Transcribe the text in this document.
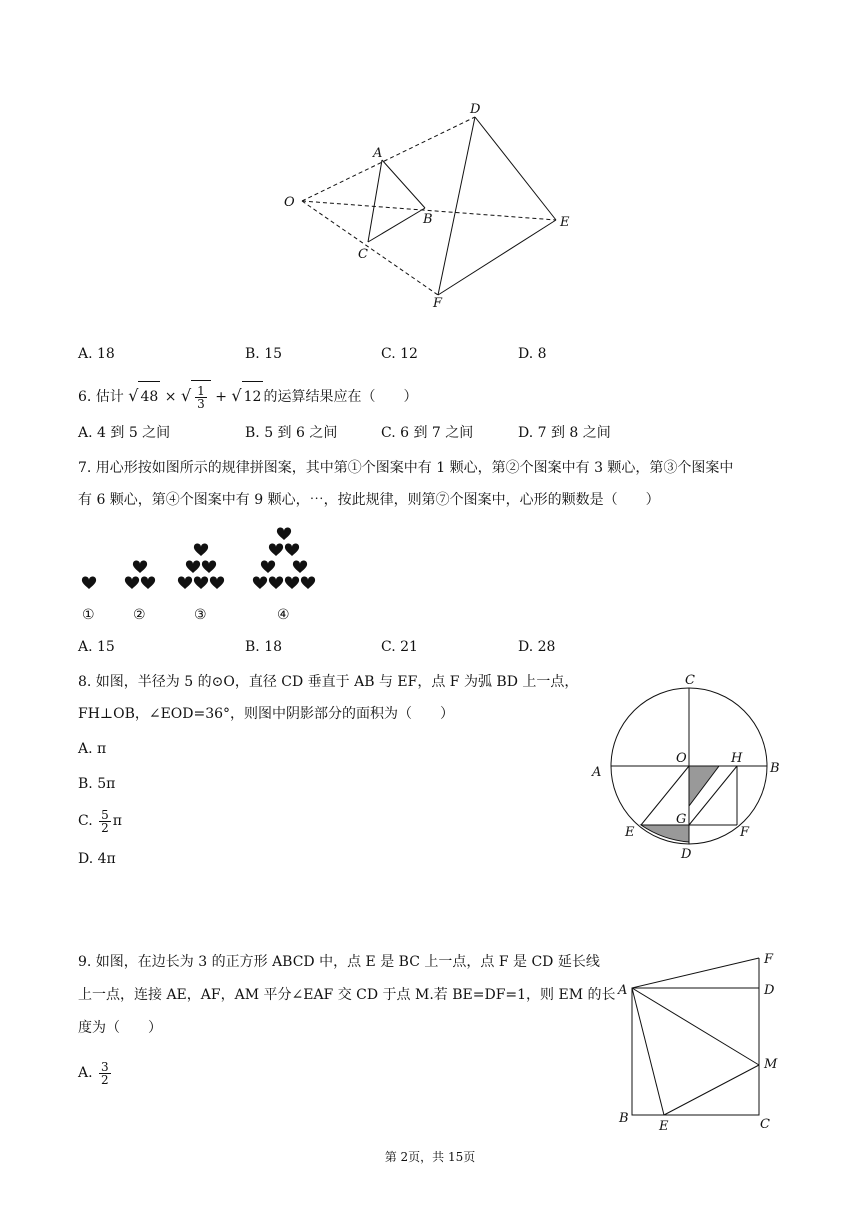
O
A
B
C
D
E
F
A. 18	B. 15	C. 12	D. 8
6. 估计 √ 48 × √ $\frac{1}{3}$ + √ 12 的运算结果应在（　　）
A. 4 到 5 之间	B. 5 到 6 之间	C. 6 到 7 之间	D. 7 到 8 之间
7. 用心形按如图所示的规律拼图案，其中第①个图案中有 1 颗心，第②个图案中有 3 颗心，第③个图案中
有 6 颗心，第④个图案中有 9 颗心，⋯，按此规律，则第⑦个图案中，心形的颗数是（　　）
①	②	③	④
A. 15	B. 18	C. 21	D. 28
8. 如图，半径为 5 的⊙O，直径 CD 垂直于 AB 与 EF，点 F 为弧 BD 上一点，
FH⊥OB，∠EOD=36°，则图中阴影部分的面积为（　　）
A. π
B. 5π
C. $\frac{5}{2}$ π
D. 4π
C
A
O	H
B
G
E	F
D
9. 如图，在边长为 3 的正方形 ABCD 中，点 E 是 BC 上一点，点 F 是 CD 延长线
上一点，连接 AE，AF，AM 平分∠EAF 交 CD 于点 M.若 BE=DF=1，则 EM 的长
度为（　　）
A. $\frac{3}{2}$
F
A	D
M
B
E	C
第 2页，共 15页
